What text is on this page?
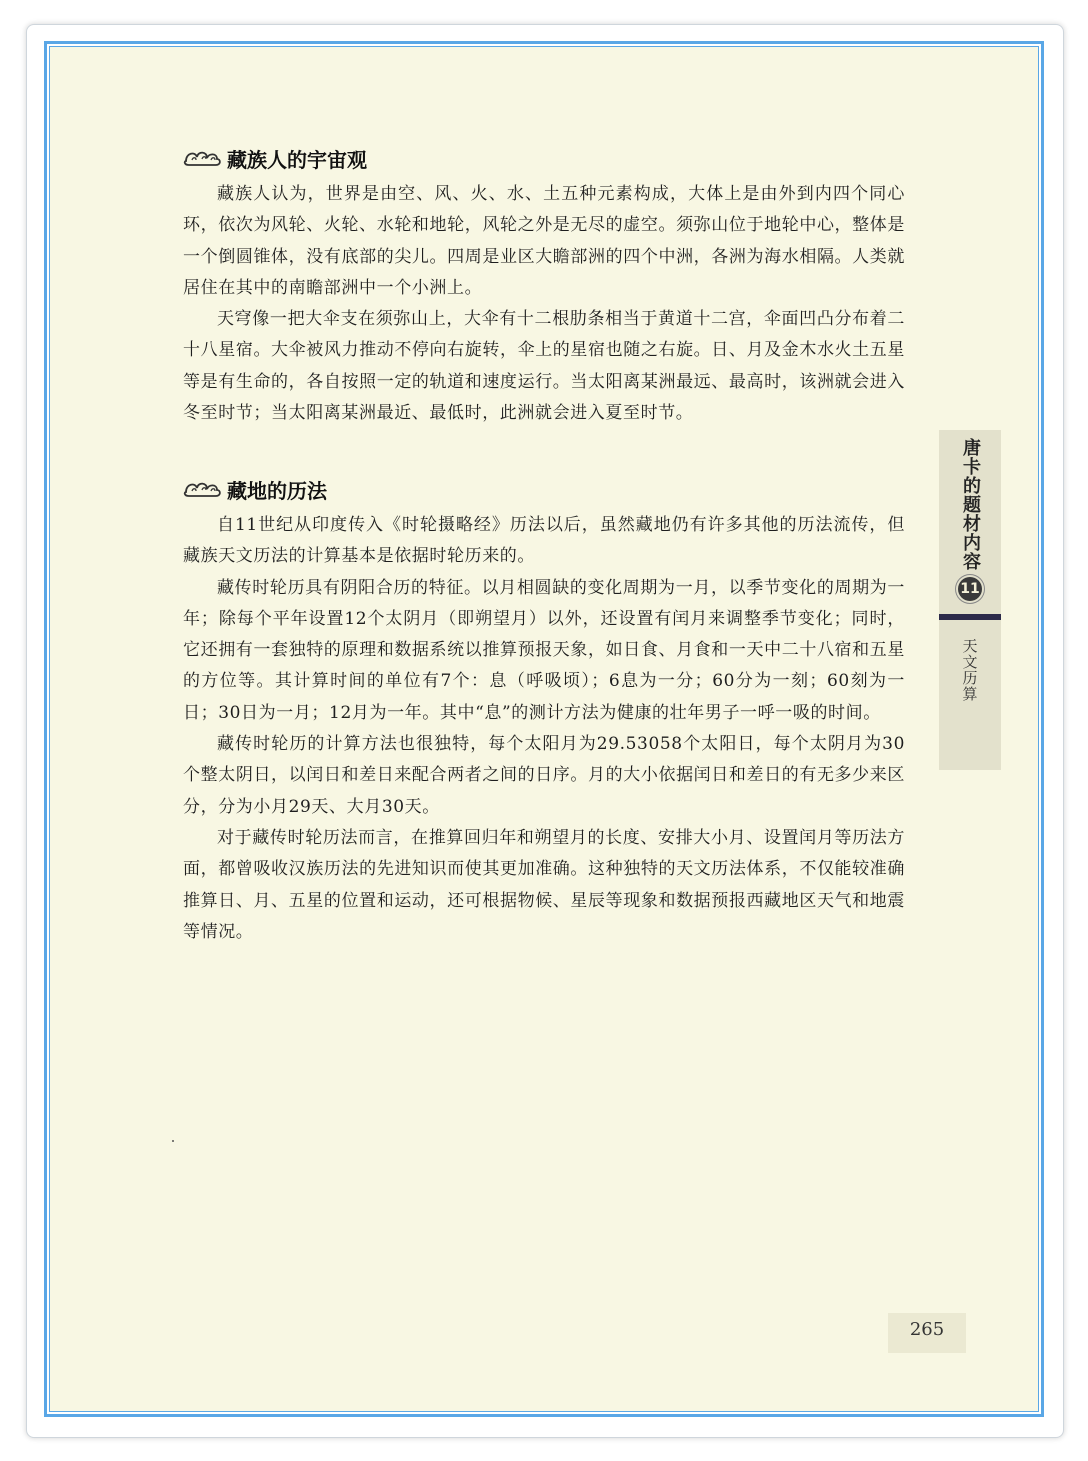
藏族人的宇宙观

藏族人认为，世界是由空、风、火、水、土五种元素构成，大体上是由外到内四个同心环，依次为风轮、火轮、水轮和地轮，风轮之外是无尽的虚空。须弥山位于地轮中心，整体是一个倒圆锥体，没有底部的尖儿。四周是业区大瞻部洲的四个中洲，各洲为海水相隔。人类就居住在其中的南瞻部洲中一个小洲上。

天穹像一把大伞支在须弥山上，大伞有十二根肋条相当于黄道十二宫，伞面凹凸分布着二十八星宿。大伞被风力推动不停向右旋转，伞上的星宿也随之右旋。日、月及金木水火土五星等是有生命的，各自按照一定的轨道和速度运行。当太阳离某洲最远、最高时，该洲就会进入冬至时节；当太阳离某洲最近、最低时，此洲就会进入夏至时节。

藏地的历法

自11世纪从印度传入《时轮摄略经》历法以后，虽然藏地仍有许多其他的历法流传，但藏族天文历法的计算基本是依据时轮历来的。

藏传时轮历具有阴阳合历的特征。以月相圆缺的变化周期为一月，以季节变化的周期为一年；除每个平年设置12个太阴月（即朔望月）以外，还设置有闰月来调整季节变化；同时，它还拥有一套独特的原理和数据系统以推算预报天象，如日食、月食和一天中二十八宿和五星的方位等。其计算时间的单位有7个：息（呼吸顷）；6息为一分；60分为一刻；60刻为一日；30日为一月；12月为一年。其中“息”的测计方法为健康的壮年男子一呼一吸的时间。

藏传时轮历的计算方法也很独特，每个太阳月为29.53058个太阳日，每个太阴月为30个整太阴日，以闰日和差日来配合两者之间的日序。月的大小依据闰日和差日的有无多少来区分，分为小月29天、大月30天。

对于藏传时轮历法而言，在推算回归年和朔望月的长度、安排大小月、设置闰月等历法方面，都曾吸收汉族历法的先进知识而使其更加准确。这种独特的天文历法体系，不仅能较准确推算日、月、五星的位置和运动，还可根据物候、星辰等现象和数据预报西藏地区天气和地震等情况。

唐卡的题材内容
11
天文历算
265
